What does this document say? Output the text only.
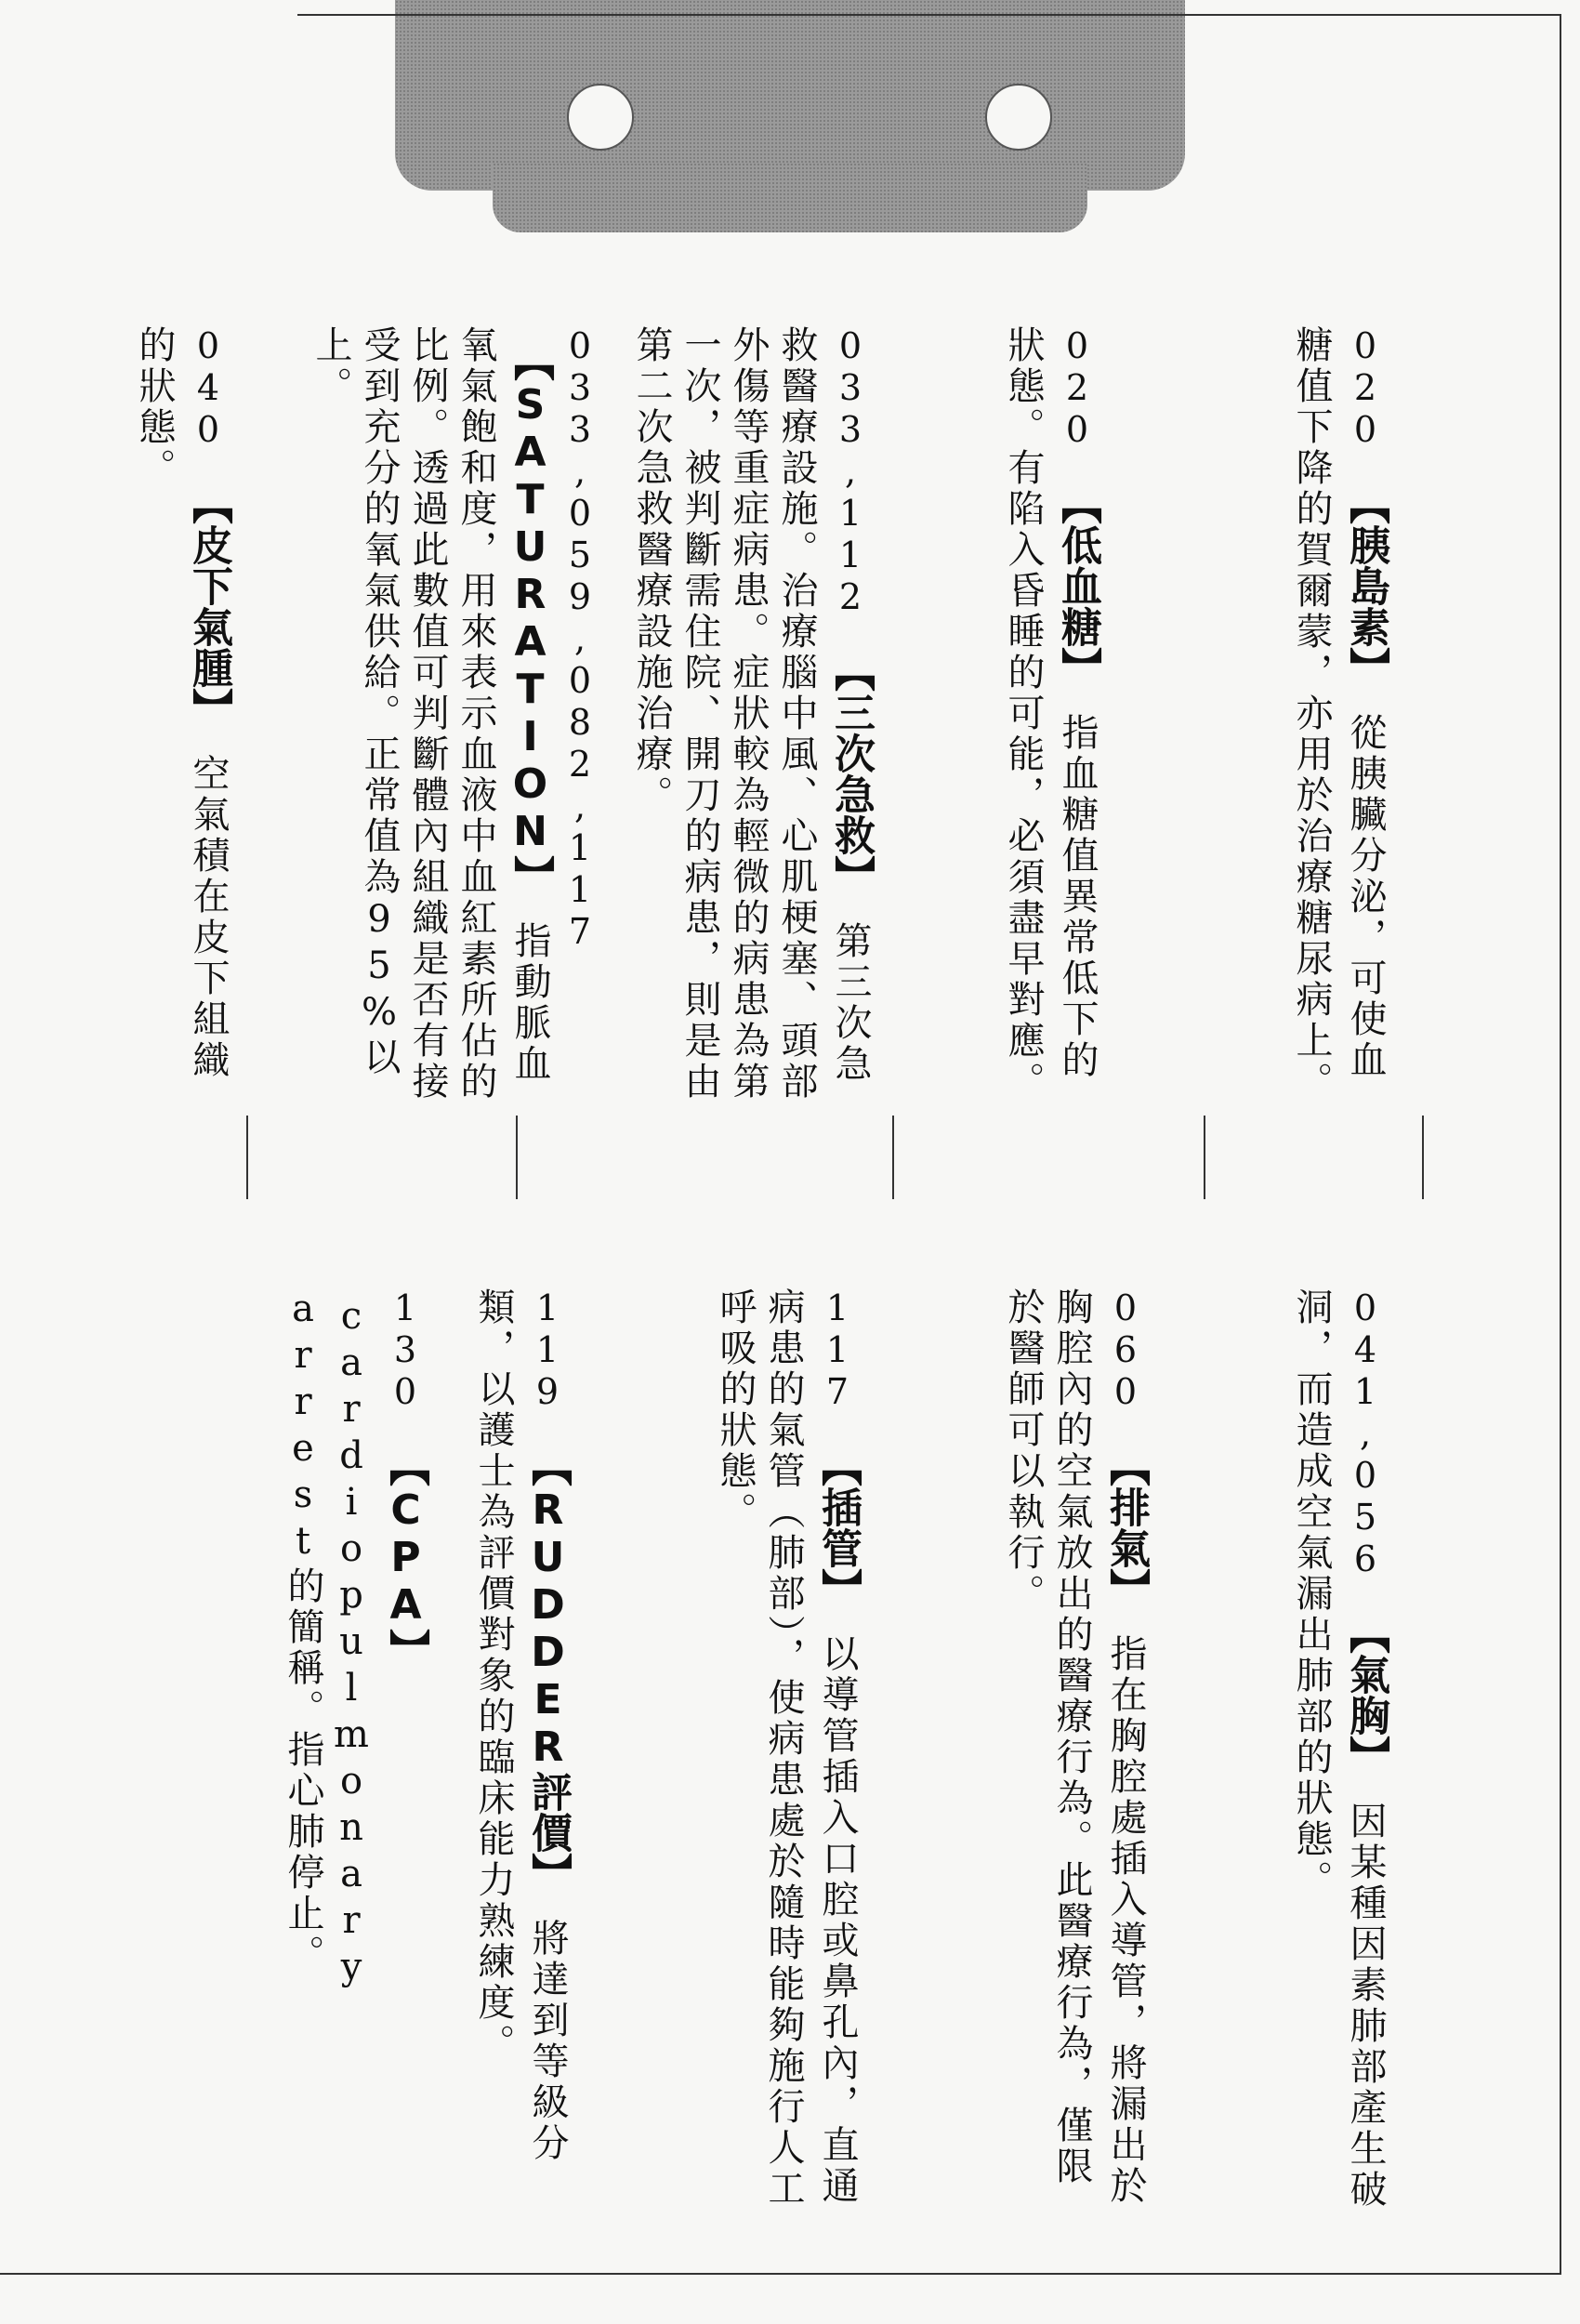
020 【胰島素】 從胰臟分泌，可使血糖值下降的賀爾蒙，亦用於治療糖尿病上。
020 【低血糖】 指血糖值異常低下的狀態。有陷入昏睡的可能，必須盡早對應。
033,112 【三次急救】 第三次急救醫療設施。治療腦中風、心肌梗塞、頭部外傷等重症病患。症狀較為輕微的病患為第一次，被判斷需住院、開刀的病患，則是由第二次急救醫療設施治療。
033,059,082,117 【SATURATION】 指動脈血氧氣飽和度，用來表示血液中血紅素所佔的比例。透過此數值可判斷體內組織是否有接受到充分的氧氣供給。正常值為95%以上。
040 【皮下氣腫】 空氣積在皮下組織的狀態。
041,056 【氣胸】 因某種因素肺部產生破洞，而造成空氣漏出肺部的狀態。
060 【排氣】 指在胸腔處插入導管，將漏出於胸腔內的空氣放出的醫療行為。此醫療行為，僅限於醫師可以執行。
117 【插管】 以導管插入口腔或鼻孔內，直通病患的氣管（肺部），使病患處於隨時能夠施行人工呼吸的狀態。
119 【RUDDER評價】 將達到等級分類，以護士為評價對象的臨床能力熟練度。
130 【CPA】 cardiopulmonary arrest的簡稱。指心肺停止。
